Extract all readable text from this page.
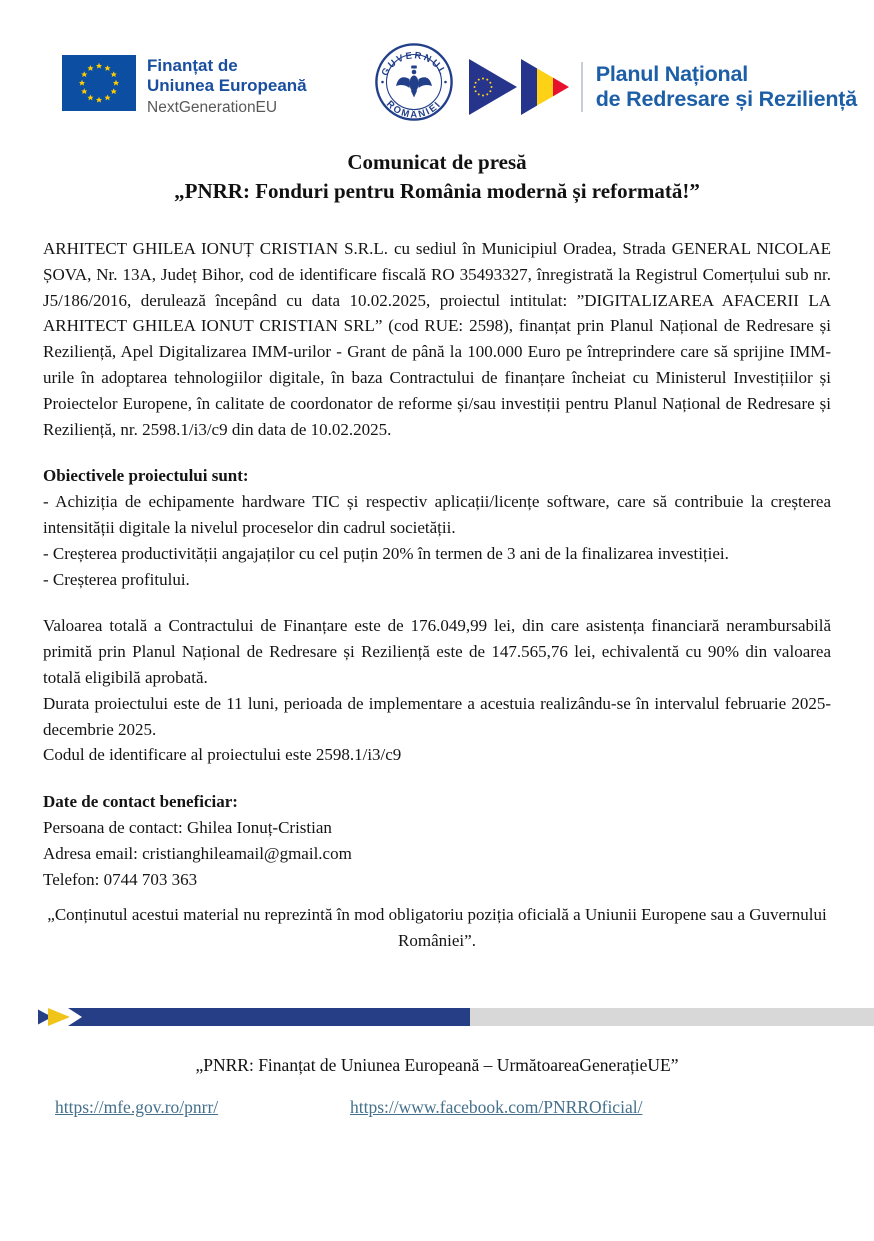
Finanțat de
Uniunea Europeană
NextGenerationEU
GUVERNUL
ROMÂNIEI
Planul Național
de Redresare și Reziliență
Comunicat de presă
„PNRR: Fonduri pentru România modernă și reformată!”

ARHITECT GHILEA IONUȚ CRISTIAN S.R.L. cu sediul în Municipiul Oradea, Strada GENERAL NICOLAE ȘOVA, Nr. 13A, Județ Bihor, cod de identificare fiscală RO 35493327, înregistrată la Registrul Comerțului sub nr. J5/186/2016, derulează începând cu data 10.02.2025, proiectul intitulat: ”DIGITALIZAREA AFACERII LA ARHITECT GHILEA IONUT CRISTIAN SRL” (cod RUE: 2598), finanțat prin Planul Național de Redresare și Reziliență, Apel Digitalizarea IMM-urilor - Grant de până la 100.000 Euro pe întreprindere care să sprijine IMM-urile în adoptarea tehnologiilor digitale, în baza Contractului de finanțare încheiat cu Ministerul Investițiilor și Proiectelor Europene, în calitate de coordonator de reforme și/sau investiții pentru Planul Național de Redresare și Reziliență, nr. 2598.1/i3/c9 din data de 10.02.2025.

Obiectivele proiectului sunt:

- Achiziția de echipamente hardware TIC și respectiv aplicații/licențe software, care să contribuie la creșterea intensității digitale la nivelul proceselor din cadrul societății.

- Creșterea productivității angajaților cu cel puțin 20% în termen de 3 ani de la finalizarea investiției.

- Creșterea profitului.

Valoarea totală a Contractului de Finanțare este de 176.049,99 lei, din care asistența financiară nerambursabilă primită prin Planul Național de Redresare și Reziliență este de 147.565,76 lei, echivalentă cu 90% din valoarea totală eligibilă aprobată.

Durata proiectului este de 11 luni, perioada de implementare a acestuia realizându-se în intervalul februarie 2025-decembrie 2025.

Codul de identificare al proiectului este 2598.1/i3/c9

Date de contact beneficiar:

Persoana de contact: Ghilea Ionuț-Cristian

Adresa email: cristianghileamail@gmail.com

Telefon: 0744 703 363

„Conținutul acestui material nu reprezintă în mod obligatoriu poziția oficială a Uniunii Europene sau a Guvernului României”.

„PNRR: Finanțat de Uniunea Europeană – UrmătoareaGenerațieUE”
https://mfe.gov.ro/pnrr/	https://www.facebook.com/PNRROficial/
